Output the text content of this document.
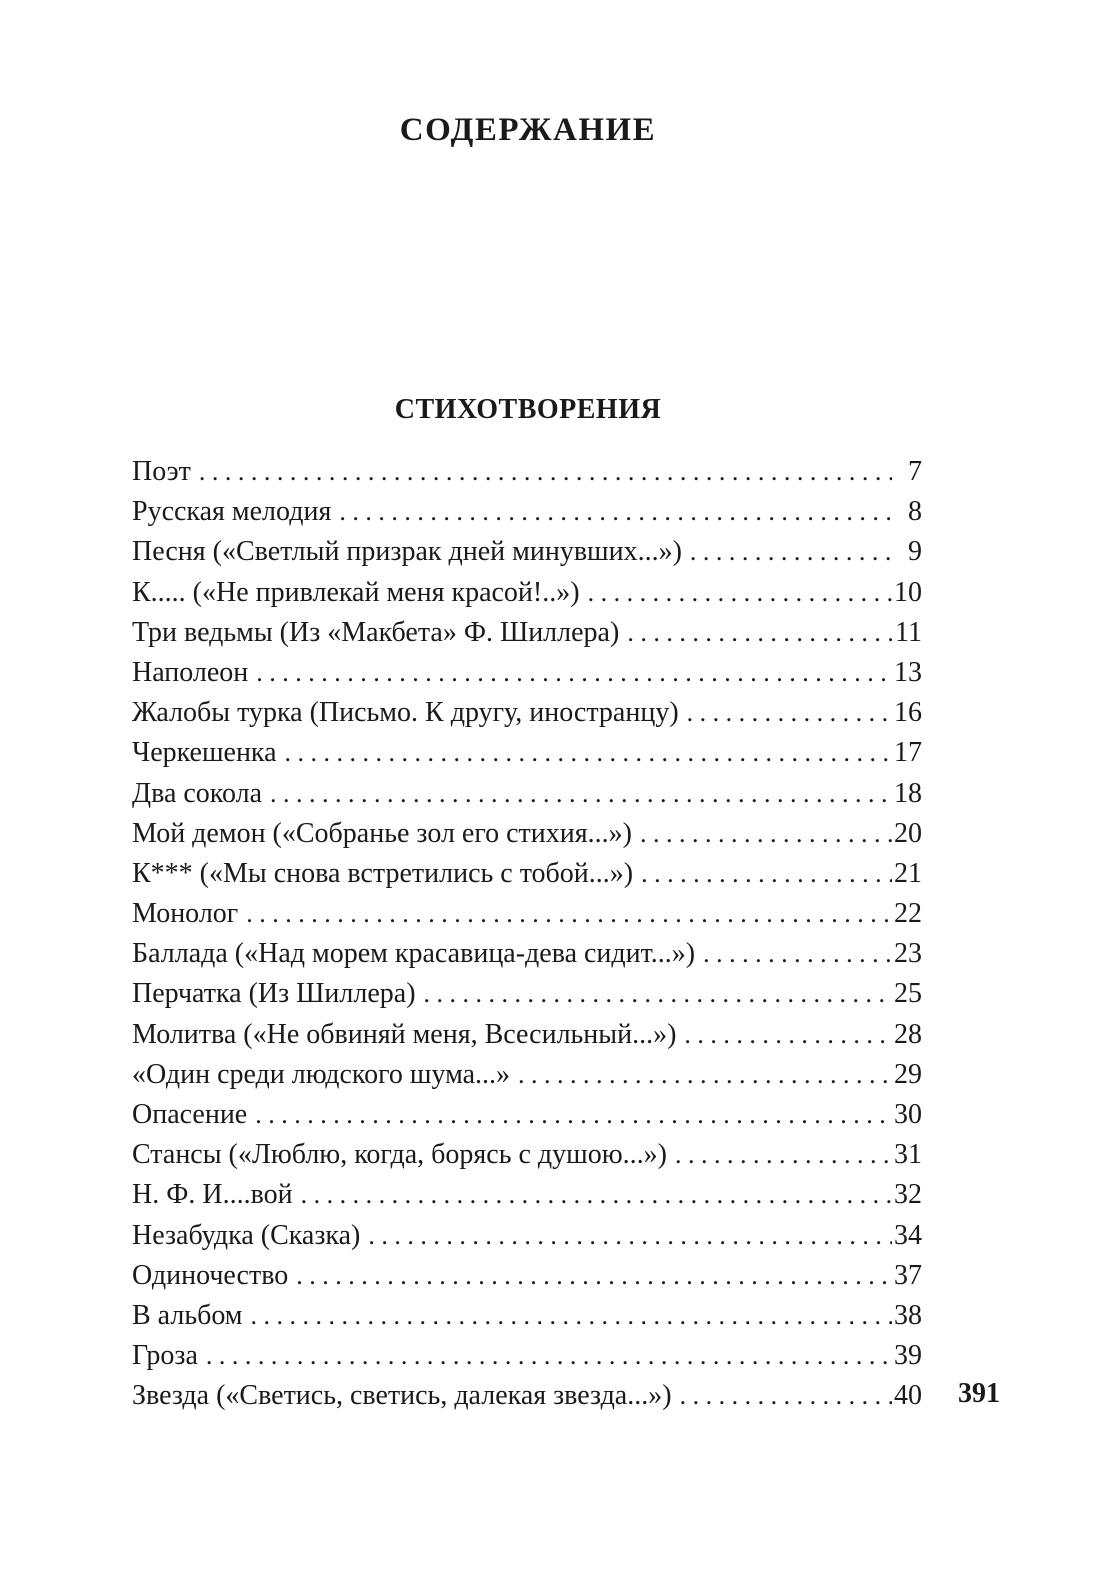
СОДЕРЖАНИЕ
СТИХОТВОРЕНИЯ
Поэт . . .	7
Русская мелодия . . .	8
Песня («Светлый призрак дней минувших...») . . .	9
К..... («Не привлекай меня красой!..») . . .	10
Три ведьмы (Из «Макбета» Ф. Шиллера) . . .	11
Наполеон . . .	13
Жалобы турка (Письмо. К другу, иностранцу) . . .	16
Черкешенка . . .	17
Два сокола . . .	18
Мой демон («Собранье зол его стихия...») . . .	20
К*** («Мы снова встретились с тобой...») . . .	21
Монолог . . .	22
Баллада («Над морем красавица-дева сидит...») . . .	23
Перчатка (Из Шиллера) . . .	25
Молитва («Не обвиняй меня, Всесильный...») . . .	28
«Один среди людского шума...» . . .	29
Опасение . . .	30
Стансы («Люблю, когда, борясь с душою...») . . .	31
Н. Ф. И....вой . . .	32
Незабудка (Сказка) . . .	34
Одиночество . . .	37
В альбом . . .	38
Гроза . . .	39
Звезда («Светись, светись, далекая звезда...») . . .	40 391
